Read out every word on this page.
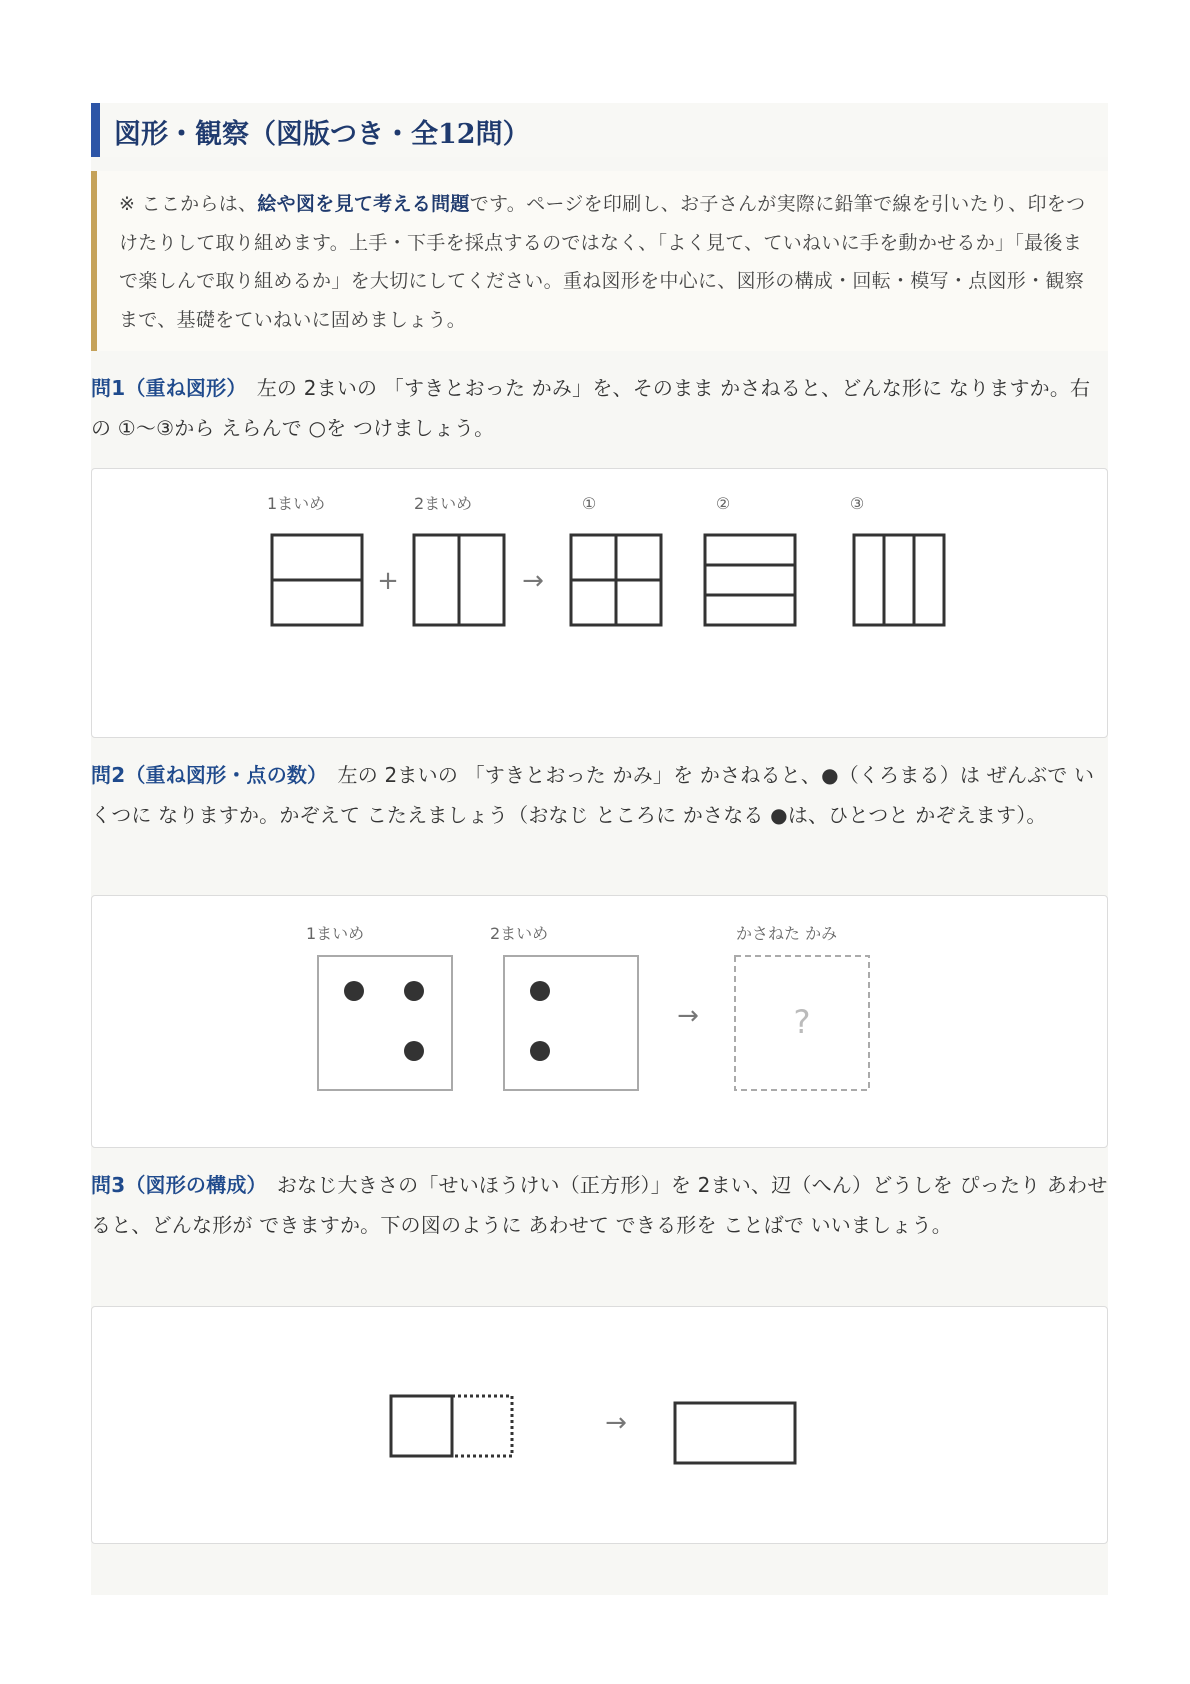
図形・観察（図版つき・全12問）
※ ここからは、絵や図を見て考える問題です。ページを印刷し、お子さんが実際に鉛筆で線を引いたり、印をつけたりして取り組めます。上手・下手を採点するのではなく、「よく見て、ていねいに手を動かせるか」「最後まで楽しんで取り組めるか」を大切にしてください。重ね図形を中心に、図形の構成・回転・模写・点図形・観察まで、基礎をていねいに固めましょう。
問1（重ね図形）　 左の 2まいの 「すきとおった かみ」を、そのまま かさねると、どんな形に なりますか。右の ①〜③から えらんで ○を つけましょう。
1まいめ	2まいめ	①	②	③
+	→
問2（重ね図形・点の数）　 左の 2まいの 「すきとおった かみ」を かさねると、●（くろまる）は ぜんぶで いくつに なりますか。かぞえて こたえましょう（おなじ ところに かさなる ●は、ひとつと かぞえます）。
1まいめ	2まいめ	かさねた かみ
→	?
問3（図形の構成）　 おなじ大きさの「せいほうけい（正方形）」を 2まい、辺（へん）どうしを ぴったり あわせると、どんな形が できますか。下の図のように あわせて できる形を ことばで いいましょう。
→
